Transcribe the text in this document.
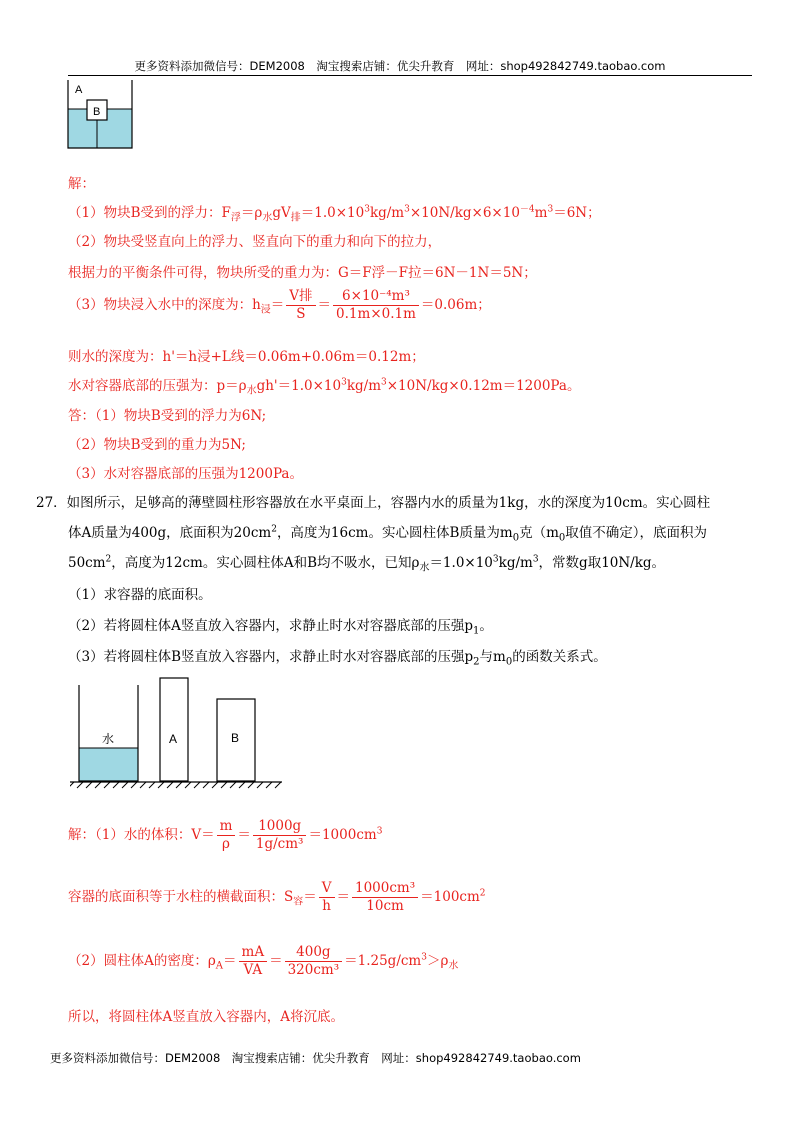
更多资料添加微信号：DEM2008　淘宝搜索店铺：优尖升教育　网址：shop492842749.taobao.com
A
B
解：
（1）物块B受到的浮力：$F_浮=\rho_水gV_排=1.0\times 10^3kg/m^3\times 10N/kg\times 6\times 10^{-4}m^3=6N$；
（2）物块受竖直向上的浮力、竖直向下的重力和向下的拉力，
根据力的平衡条件可得，物块所受的重力为：G＝F浮－F拉＝6N－1N＝5N；
（3）物块浸入水中的深度为：$h_浸= \frac{\text{V排}}{S} = \frac{\text{6×10⁻⁴m³}}{0.1m\times 0.1m} =0.06m$；
则水的深度为：h'＝h浸+L线＝0.06m+0.06m＝0.12m；
水对容器底部的压强为：$p=\rho_水gh'=1.0\times 10^3kg/m^3\times 10N/kg\times 0.12m=1200Pa$。
答：（1）物块B受到的浮力为6N;
（2）物块B受到的重力为5N;
（3）水对容器底部的压强为1200Pa。
27．如图所示，足够高的薄壁圆柱形容器放在水平桌面上，容器内水的质量为1kg，水的深度为10cm。实心圆柱
体A质量为400g，底面积为$20cm^2$，高度为16cm。实心圆柱体B质量为$m_0$克（$m_0$取值不确定），底面积为
$50cm^2$，高度为12cm。实心圆柱体A和B均不吸水，已知$\rho_水=1.0\times 10^3kg/m^3$，常数g取10N/kg。
（1）求容器的底面积。
（2）若将圆柱体A竖直放入容器内，求静止时水对容器底部的压强$p_1$。
（3）若将圆柱体B竖直放入容器内，求静止时水对容器底部的压强$p_2$与$m_0$的函数关系式。
水	A	B
解：（1）水的体积：$V= \frac{m}{\rho} = \frac{1000g}{\text{1g/cm³}} =1000cm^3$
容器的底面积等于水柱的横截面积：$S_容= \frac{V}{h} = \frac{\text{1000cm³}}{10cm} =100cm^2$
（2）圆柱体A的密度：$\rho_A= \frac{mA}{VA} = \frac{400g}{\text{320cm³}} =1.25g/cm^3>\rho_水$
所以，将圆柱体A竖直放入容器内，A将沉底。
更多资料添加微信号：DEM2008　淘宝搜索店铺：优尖升教育　网址：shop492842749.taobao.com
